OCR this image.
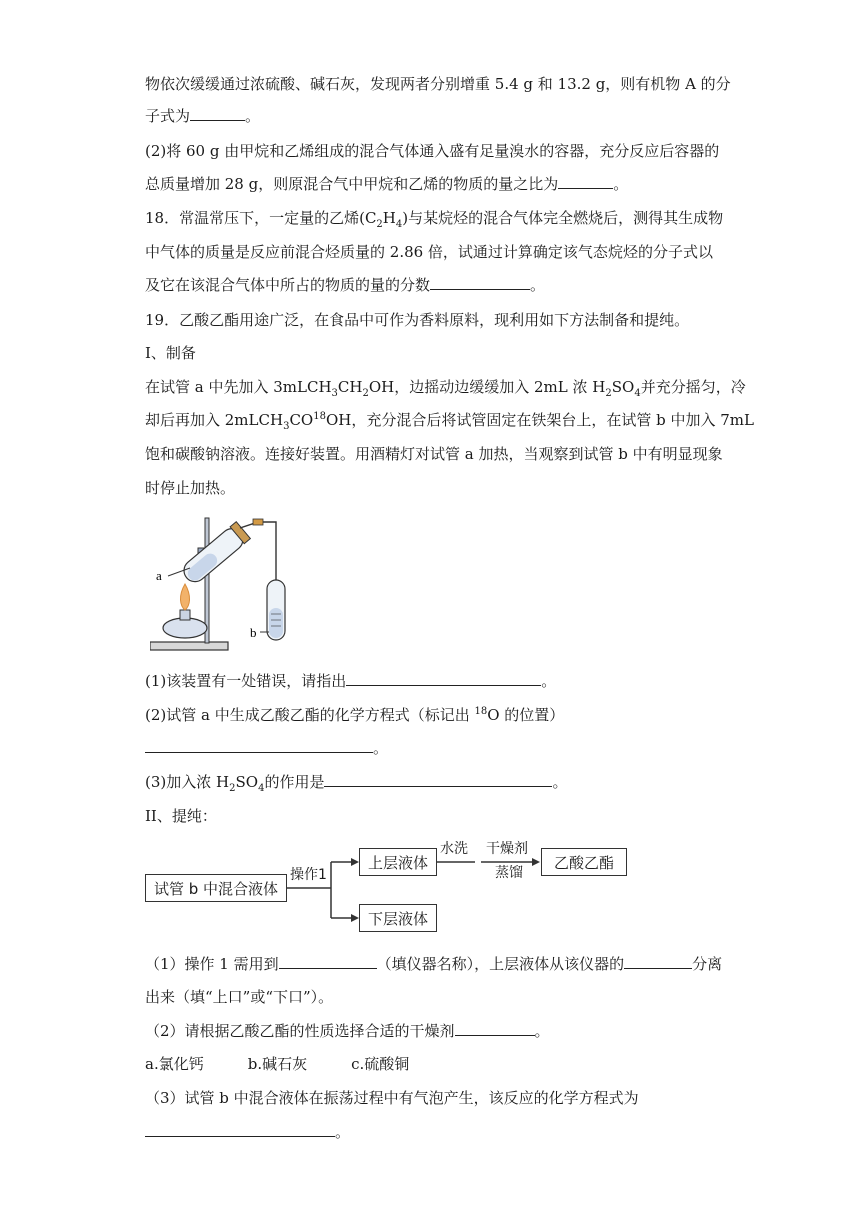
物依次缓缓通过浓硫酸、碱石灰，发现两者分别增重 5.4 g 和 13.2 g，则有机物 A 的分
子式为	。
(2)将 60 g 由甲烷和乙烯组成的混合气体通入盛有足量溴水的容器，充分反应后容器的
总质量增加 28 g，则原混合气中甲烷和乙烯的物质的量之比为	。
18．常温常压下，一定量的乙烯$(C_2H_4)$与某烷烃的混合气体完全燃烧后，测得其生成物
中气体的质量是反应前混合烃质量的 2.86 倍，试通过计算确定该气态烷烃的分子式以
及它在该混合气体中所占的物质的量的分数	。
19．乙酸乙酯用途广泛，在食品中可作为香料原料，现利用如下方法制备和提纯。
I、制备
在试管 a 中先加入 $3mLCH_3CH_2OH$，边摇动边缓缓加入 2mL 浓 $H_2SO_4$并充分摇匀，冷
却后再加入 $2mLCH_3CO^{18}OH$，充分混合后将试管固定在铁架台上，在试管 b 中加入 7mL
饱和碳酸钠溶液。连接好装置。用酒精灯对试管 a 加热，当观察到试管 b 中有明显现象
时停止加热。
a
b
(1)该装置有一处错误，请指出	。
(2)试管 a 中生成乙酸乙酯的化学方程式（标记出 $^{18}$O 的位置）
。
(3)加入浓 $H_2SO_4$的作用是	。
II、提纯：
试管 b 中混合液体
操作1
上层液体
下层液体
水洗 干燥剂
蒸馏
乙酸乙酯
（1）操作 1 需用到	（填仪器名称），上层液体从该仪器的	分离
出来（填“上口”或“下口”）。
（2）请根据乙酸乙酯的性质选择合适的干燥剂	。
a.氯化钙	b.碱石灰	c.硫酸铜
（3）试管 b 中混合液体在振荡过程中有气泡产生，该反应的化学方程式为
。
